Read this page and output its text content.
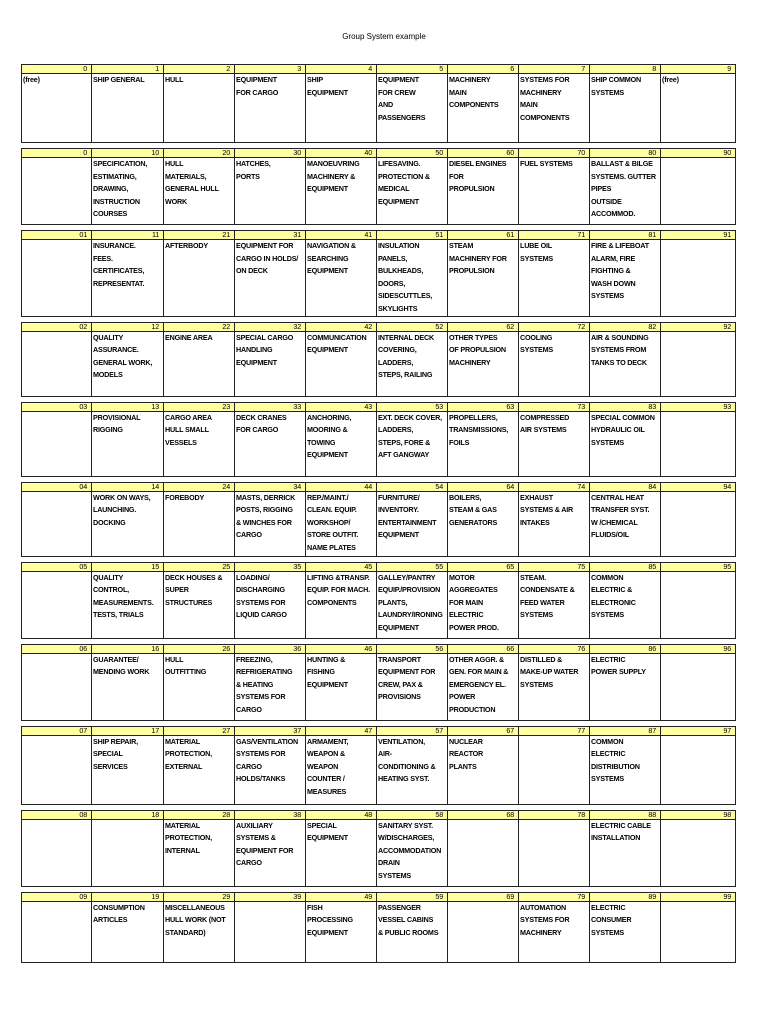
Group System example
0	1	2	3	4	5	6	7	8	9
(free)	SHIP GENERAL	HULL	EQUIPMENT
FOR CARGO	SHIP
EQUIPMENT	EQUIPMENT
FOR CREW
AND
PASSENGERS	MACHINERY
MAIN
COMPONENTS	SYSTEMS FOR
MACHINERY
MAIN
COMPONENTS	SHIP COMMON
SYSTEMS	(free)

0	10	20	30	40	50	60	70	80	90
	SPECIFICATION,
ESTIMATING,
DRAWING,
INSTRUCTION
COURSES	HULL
MATERIALS,
GENERAL HULL
WORK	HATCHES,
PORTS	MANOEUVRING
MACHINERY &
EQUIPMENT	LIFESAVING.
PROTECTION &
MEDICAL
EQUIPMENT	DIESEL ENGINES
FOR
PROPULSION	FUEL SYSTEMS	BALLAST & BILGE
SYSTEMS. GUTTER PIPES
OUTSIDE
ACCOMMOD.	

01	11	21	31	41	51	61	71	81	91
	INSURANCE.
FEES.
CERTIFICATES,
REPRESENTAT.	AFTERBODY	EQUIPMENT FOR
CARGO IN HOLDS/
ON DECK	NAVIGATION &
SEARCHING
EQUIPMENT	INSULATION PANELS,
BULKHEADS, DOORS,
SIDESCUTTLES,
SKYLIGHTS	STEAM
MACHINERY FOR
PROPULSION	LUBE OIL
SYSTEMS	FIRE & LIFEBOAT
ALARM, FIRE
FIGHTING &
WASH DOWN
SYSTEMS	

02	12	22	32	42	52	62	72	82	92
	QUALITY
ASSURANCE.
GENERAL WORK,
MODELS	ENGINE AREA	SPECIAL CARGO
HANDLING
EQUIPMENT	COMMUNICATION
EQUIPMENT	INTERNAL DECK
COVERING,
LADDERS,
STEPS, RAILING	OTHER TYPES
OF PROPULSION
MACHINERY	COOLING
SYSTEMS	AIR & SOUNDING
SYSTEMS FROM
TANKS TO DECK	

03	13	23	33	43	53	63	73	83	93
	PROVISIONAL
RIGGING	CARGO AREA
HULL SMALL
VESSELS	DECK CRANES
FOR CARGO	ANCHORING,
MOORING &
TOWING
EQUIPMENT	EXT. DECK COVER,
LADDERS,
STEPS, FORE &
AFT GANGWAY	PROPELLERS,
TRANSMISSIONS,
FOILS	COMPRESSED
AIR SYSTEMS	SPECIAL COMMON
HYDRAULIC OIL
SYSTEMS	

04	14	24	34	44	54	64	74	84	94
	WORK ON WAYS,
LAUNCHING.
DOCKING	FOREBODY	MASTS, DERRICK
POSTS, RIGGING
& WINCHES FOR
CARGO	REP./MAINT./
CLEAN. EQUIP.
WORKSHOP/
STORE OUTFIT.
NAME PLATES	FURNITURE/
INVENTORY.
ENTERTAINMENT
EQUIPMENT	BOILERS,
STEAM & GAS
GENERATORS	EXHAUST
SYSTEMS & AIR
INTAKES	CENTRAL HEAT
TRANSFER SYST.
W /CHEMICAL
FLUIDS/OIL	

05	15	25	35	45	55	65	75	85	95
	QUALITY
CONTROL,
MEASUREMENTS.
TESTS, TRIALS	DECK HOUSES &
SUPER
STRUCTURES	LOADING/
DISCHARGING
SYSTEMS FOR
LIQUID CARGO	LIFTING &TRANSP.
EQUIP. FOR MACH.
COMPONENTS	GALLEY/PANTRY
EQUIP./PROVISION
PLANTS,
LAUNDRY/IRONING
EQUIPMENT	MOTOR
AGGREGATES
FOR MAIN
ELECTRIC
POWER PROD.	STEAM.
CONDENSATE &
FEED WATER
SYSTEMS	COMMON
ELECTRIC &
ELECTRONIC
SYSTEMS	

06	16	26	36	46	56	66	76	86	96
	GUARANTEE/
MENDING WORK	HULL
OUTFITTING	FREEZING,
REFRIGERATING
& HEATING
SYSTEMS FOR
CARGO	HUNTING &
FISHING
EQUIPMENT	TRANSPORT
EQUIPMENT FOR
CREW, PAX &
PROVISIONS	OTHER AGGR. &
GEN. FOR MAIN &
EMERGENCY EL.
POWER
PRODUCTION	DISTILLED &
MAKE-UP WATER
SYSTEMS	ELECTRIC
POWER SUPPLY	

07	17	27	37	47	57	67	77	87	97
	SHIP REPAIR,
SPECIAL
SERVICES	MATERIAL
PROTECTION,
EXTERNAL	GAS/VENTILATION
SYSTEMS FOR
CARGO
HOLDS/TANKS	ARMAMENT,
WEAPON &
WEAPON
COUNTER /
MEASURES	VENTILATION,
AIR-
CONDITIONING &
HEATING SYST.	NUCLEAR
REACTOR
PLANTS		COMMON
ELECTRIC
DISTRIBUTION
SYSTEMS	

08	18	28	38	48	58	68	78	88	98
		MATERIAL
PROTECTION,
INTERNAL	AUXILIARY
SYSTEMS &
EQUIPMENT FOR
CARGO	SPECIAL
EQUIPMENT	SANITARY SYST.
W/DISCHARGES,
ACCOMMODATION DRAIN
SYSTEMS			ELECTRIC CABLE
INSTALLATION	

09	19	29	39	49	59	69	79	89	99
	CONSUMPTION
ARTICLES	MISCELLANEOUS
HULL WORK (NOT
STANDARD)		FISH
PROCESSING
EQUIPMENT	PASSENGER
VESSEL CABINS
& PUBLIC ROOMS		AUTOMATION
SYSTEMS FOR
MACHINERY	ELECTRIC
CONSUMER
SYSTEMS	
